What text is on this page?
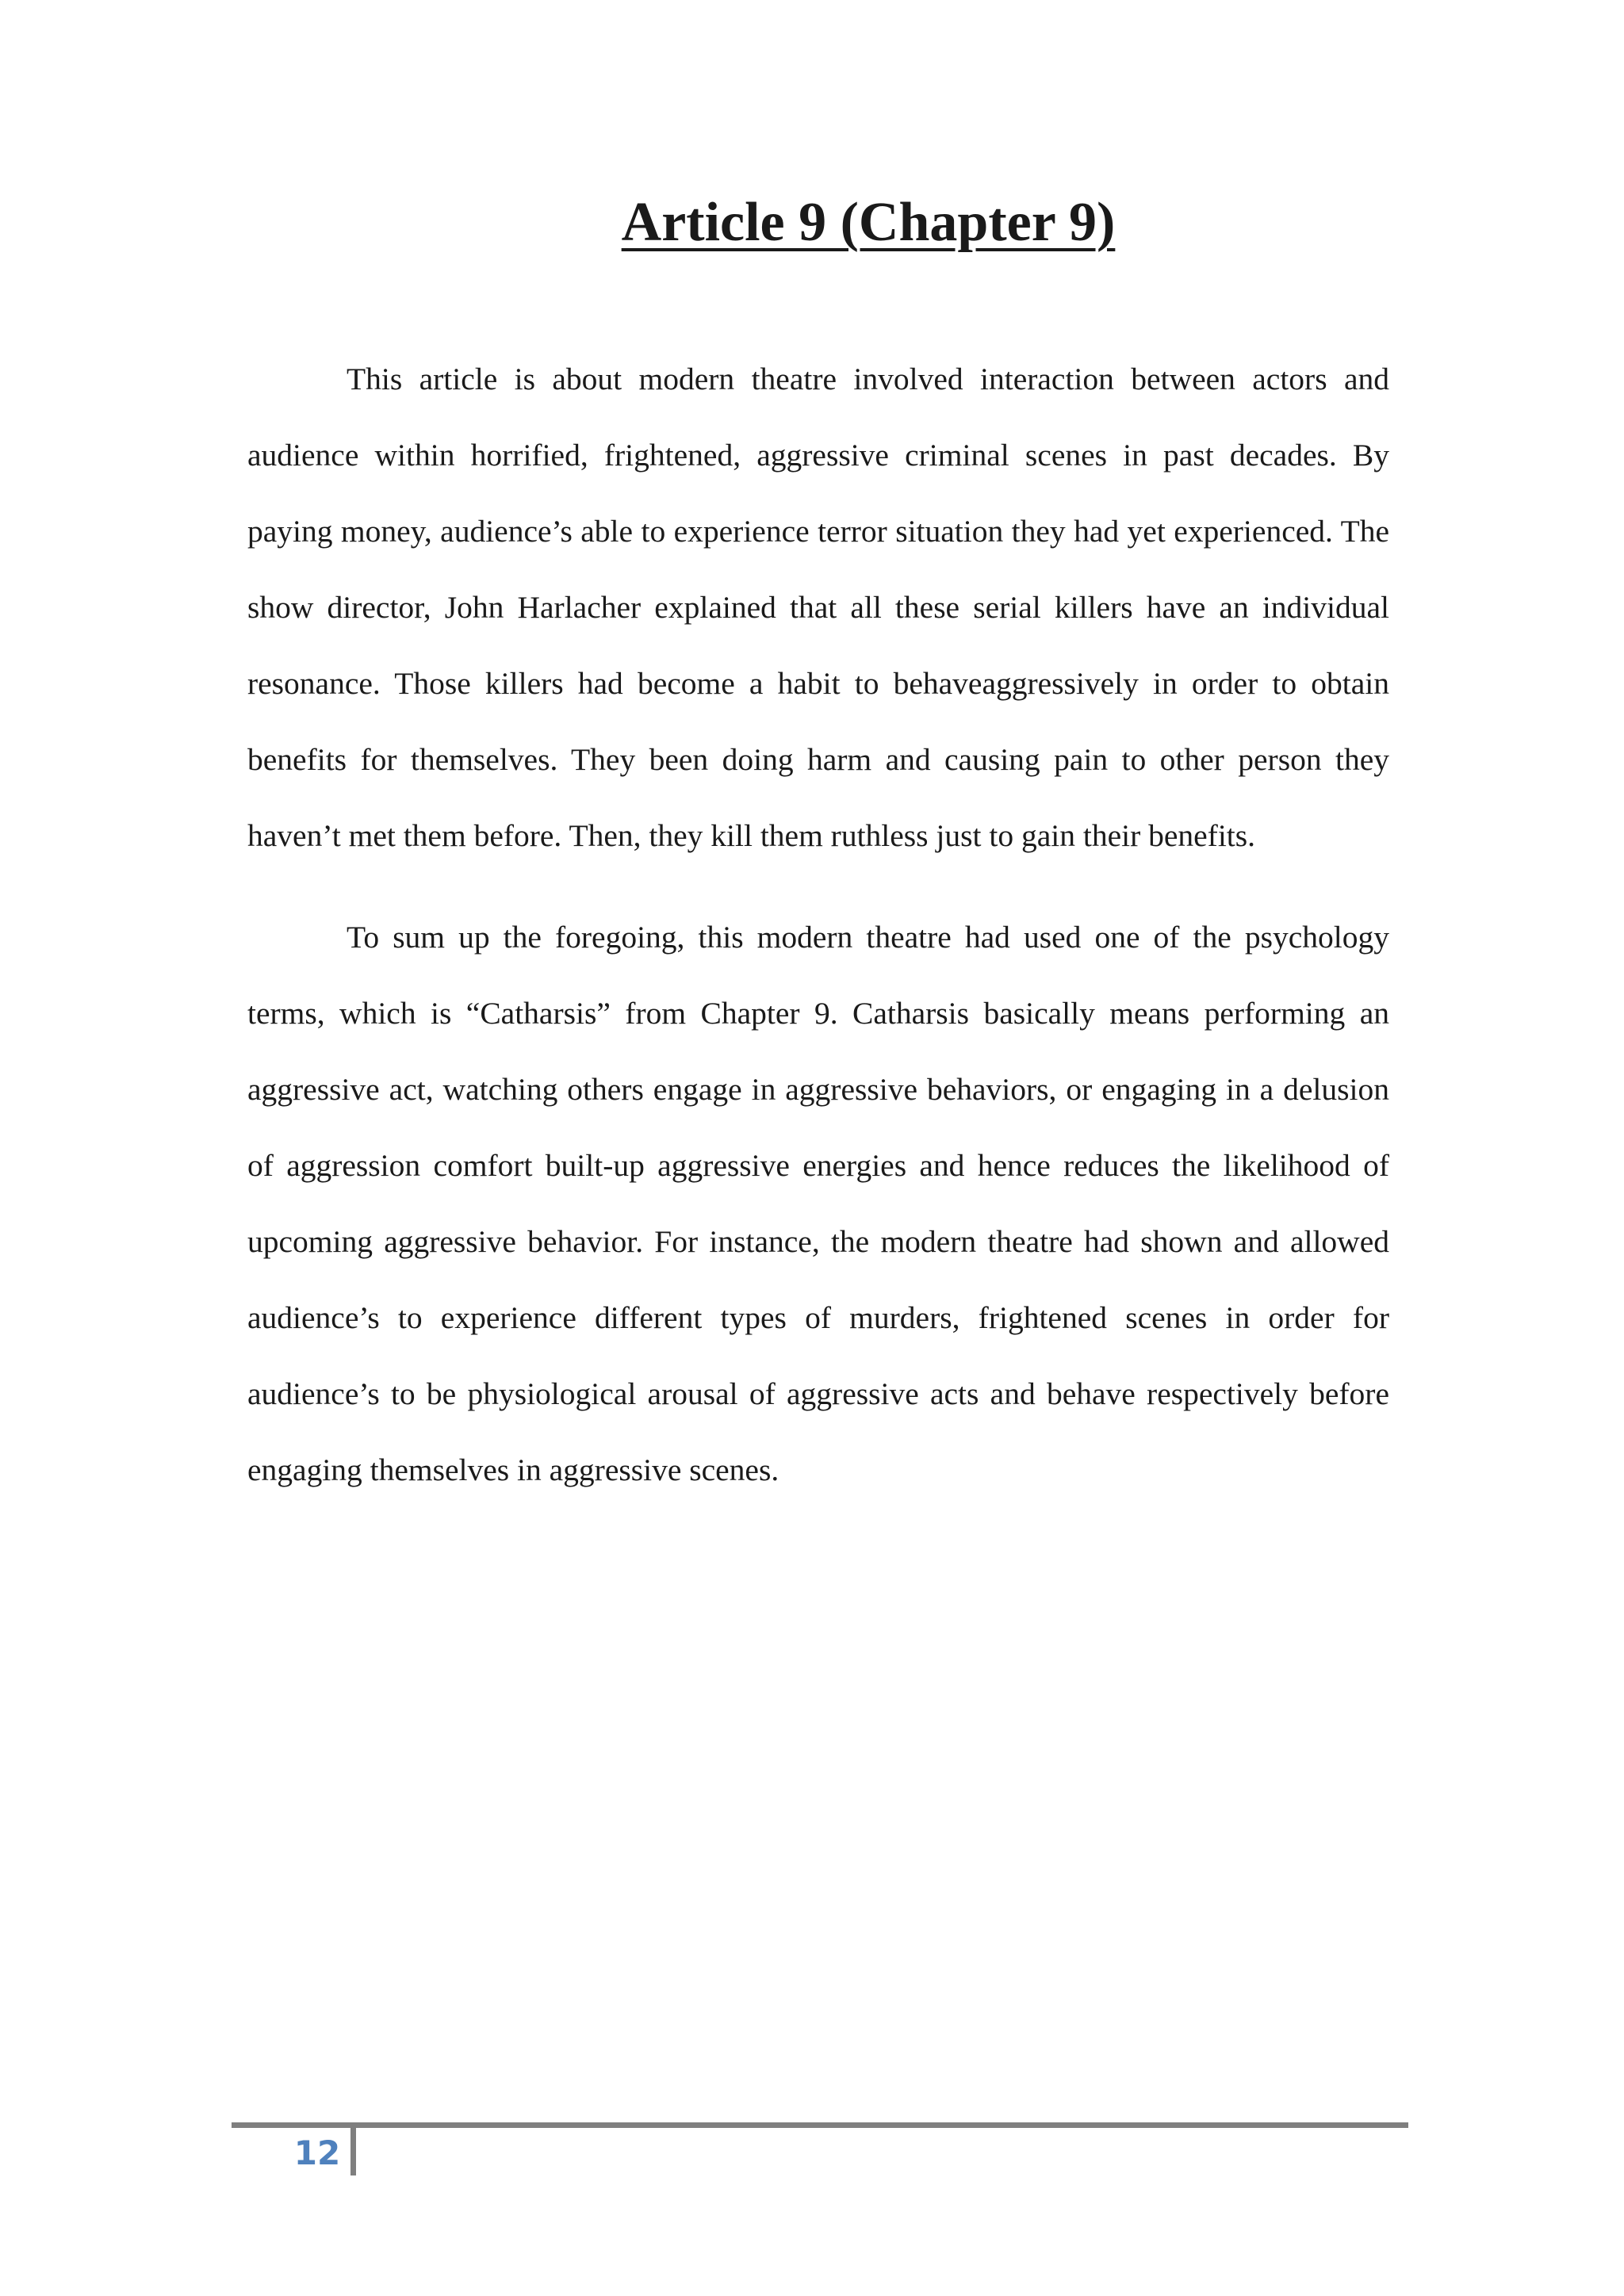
Article 9 (Chapter 9)

This article is about modern theatre involved interaction between actors and audience within horrified, frightened, aggressive criminal scenes in past decades. By paying money, audience’s able to experience terror situation they had yet experienced. The show director, John Harlacher explained that all these serial killers have an individual resonance. Those killers had become a habit to behaveaggressively in order to obtain benefits for themselves. They been doing harm and causing pain to other person they haven’t met them before. Then, they kill them ruthless just to gain their benefits.

To sum up the foregoing, this modern theatre had used one of the psychology terms, which is “Catharsis” from Chapter 9. Catharsis basically means performing an aggressive act, watching others engage in aggressive behaviors, or engaging in a delusion of aggression comfort built-up aggressive energies and hence reduces the likelihood of upcoming aggressive behavior. For instance, the modern theatre had shown and allowed audience’s to experience different types of murders, frightened scenes in order for audience’s to be physiological arousal of aggressive acts and behave respectively before engaging themselves in aggressive scenes.

12
